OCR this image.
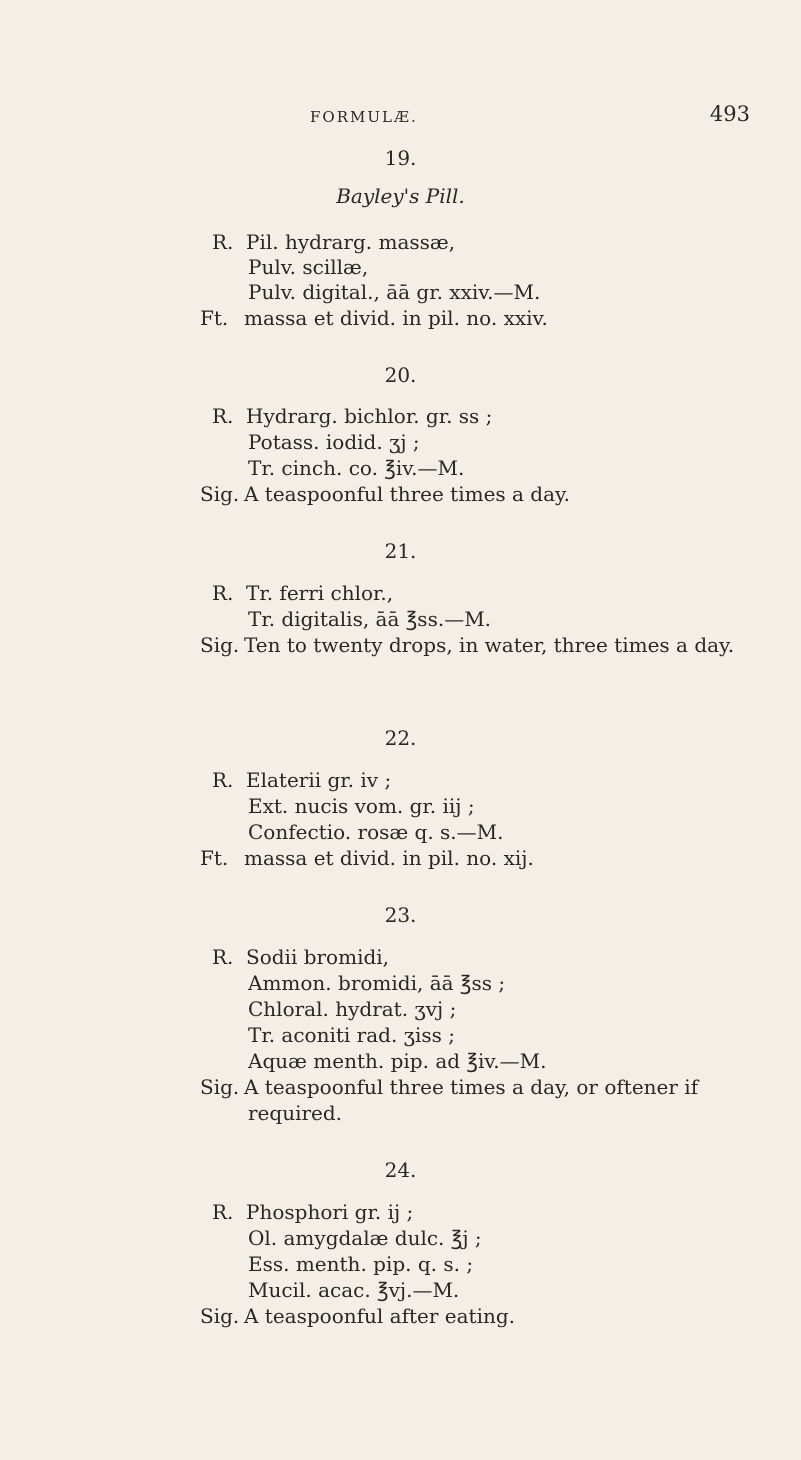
FORMULÆ.	493
19.
Bayley's Pill.
R. Pil. hydrarg. massæ,
Pulv. scillæ,
Pulv. digital., āā gr. xxiv.—M.
Ft. massa et divid. in pil. no. xxiv.
20.
R. Hydrarg. bichlor. gr. ss ;
Potass. iodid. ʒj ;
Tr. cinch. co. ℥iv.—M.
Sig. A teaspoonful three times a day.
21.
R. Tr. ferri chlor.,
Tr. digitalis, āā ℥ss.—M.
Sig. Ten to twenty drops, in water, three times a day.
22.
R. Elaterii gr. iv ;
Ext. nucis vom. gr. iij ;
Confectio. rosæ q. s.—M.
Ft. massa et divid. in pil. no. xij.
23.
R. Sodii bromidi,
Ammon. bromidi, āā ℥ss ;
Chloral. hydrat. ʒvj ;
Tr. aconiti rad. ʒiss ;
Aquæ menth. pip. ad ℥iv.—M.
Sig. A teaspoonful three times a day, or oftener if
required.
24.
R. Phosphori gr. ij ;
Ol. amygdalæ dulc. ℥j ;
Ess. menth. pip. q. s. ;
Mucil. acac. ℥vj.—M.
Sig. A teaspoonful after eating.
